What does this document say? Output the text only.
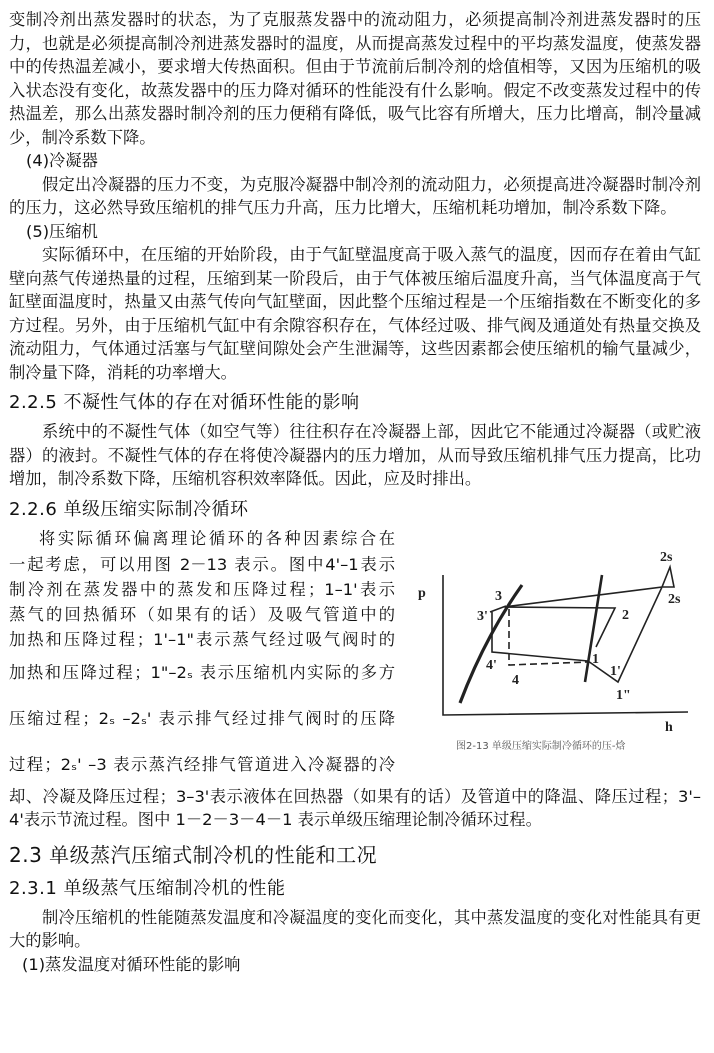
变制冷剂出蒸发器时的状态，为了克服蒸发器中的流动阻力，必须提高制冷剂进蒸发器时的压力，也就是必须提高制冷剂进蒸发器时的温度，从而提高蒸发过程中的平均蒸发温度，使蒸发器中的传热温差减小，要求增大传热面积。但由于节流前后制冷剂的焓值相等，又因为压缩机的吸入状态没有变化，故蒸发器中的压力降对循环的性能没有什么影响。假定不改变蒸发过程中的传热温差，那么出蒸发器时制冷剂的压力便稍有降低，吸气比容有所增大，压力比增高，制冷量减少，制冷系数下降。

(4)冷凝器

假定出冷凝器的压力不变，为克服冷凝器中制冷剂的流动阻力，必须提高进冷凝器时制冷剂的压力，这必然导致压缩机的排气压力升高，压力比增大，压缩机耗功增加，制冷系数下降。

(5)压缩机

实际循环中，在压缩的开始阶段，由于气缸壁温度高于吸入蒸气的温度，因而存在着由气缸壁向蒸气传递热量的过程，压缩到某一阶段后，由于气体被压缩后温度升高，当气体温度高于气缸壁面温度时，热量又由蒸气传向气缸壁面，因此整个压缩过程是一个压缩指数在不断变化的多方过程。另外，由于压缩机气缸中有余隙容积存在，气体经过吸、排气阀及通道处有热量交换及流动阻力，气体通过活塞与气缸壁间隙处会产生泄漏等，这些因素都会使压缩机的输气量减少，制冷量下降，消耗的功率增大。

2.2.5 不凝性气体的存在对循环性能的影响

系统中的不凝性气体（如空气等）往往积存在冷凝器上部，因此它不能通过冷凝器（或贮液器）的液封。不凝性气体的存在将使冷凝器内的压力增加，从而导致压缩机排气压力提高，比功增加，制冷系数下降，压缩机容积效率降低。因此，应及时排出。

2.2.6 单级压缩实际制冷循环
将实际循环偏离理论循环的各种因素综合在
一起考虑，可以用图 2－13 表示。图中4'–1表示
制冷剂在蒸发器中的蒸发和压降过程；1–1'表示
蒸气的回热循环（如果有的话）及吸气管道中的
加热和压降过程；1'–1"表示蒸气经过吸气阀时的
加热和压降过程；1"–2ₛ 表示压缩机内实际的多方
压缩过程；2ₛ –2ₛ' 表示排气经过排气阀时的压降
过程；2ₛ' –3 表示蒸汽经排气管道进入冷凝器的冷
p
h
3
3'	2
2s
2s
1
1'
1"
4
4'
图2-13 单级压缩实际制冷循环的压-焓

却、冷凝及降压过程；3–3'表示液体在回热器（如果有的话）及管道中的降温、降压过程；3'–4'表示节流过程。图中 1－2－3－4－1 表示单级压缩理论制冷循环过程。

2.3 单级蒸汽压缩式制冷机的性能和工况
2.3.1 单级蒸气压缩制冷机的性能

制冷压缩机的性能随蒸发温度和冷凝温度的变化而变化，其中蒸发温度的变化对性能具有更大的影响。

(1)蒸发温度对循环性能的影响
